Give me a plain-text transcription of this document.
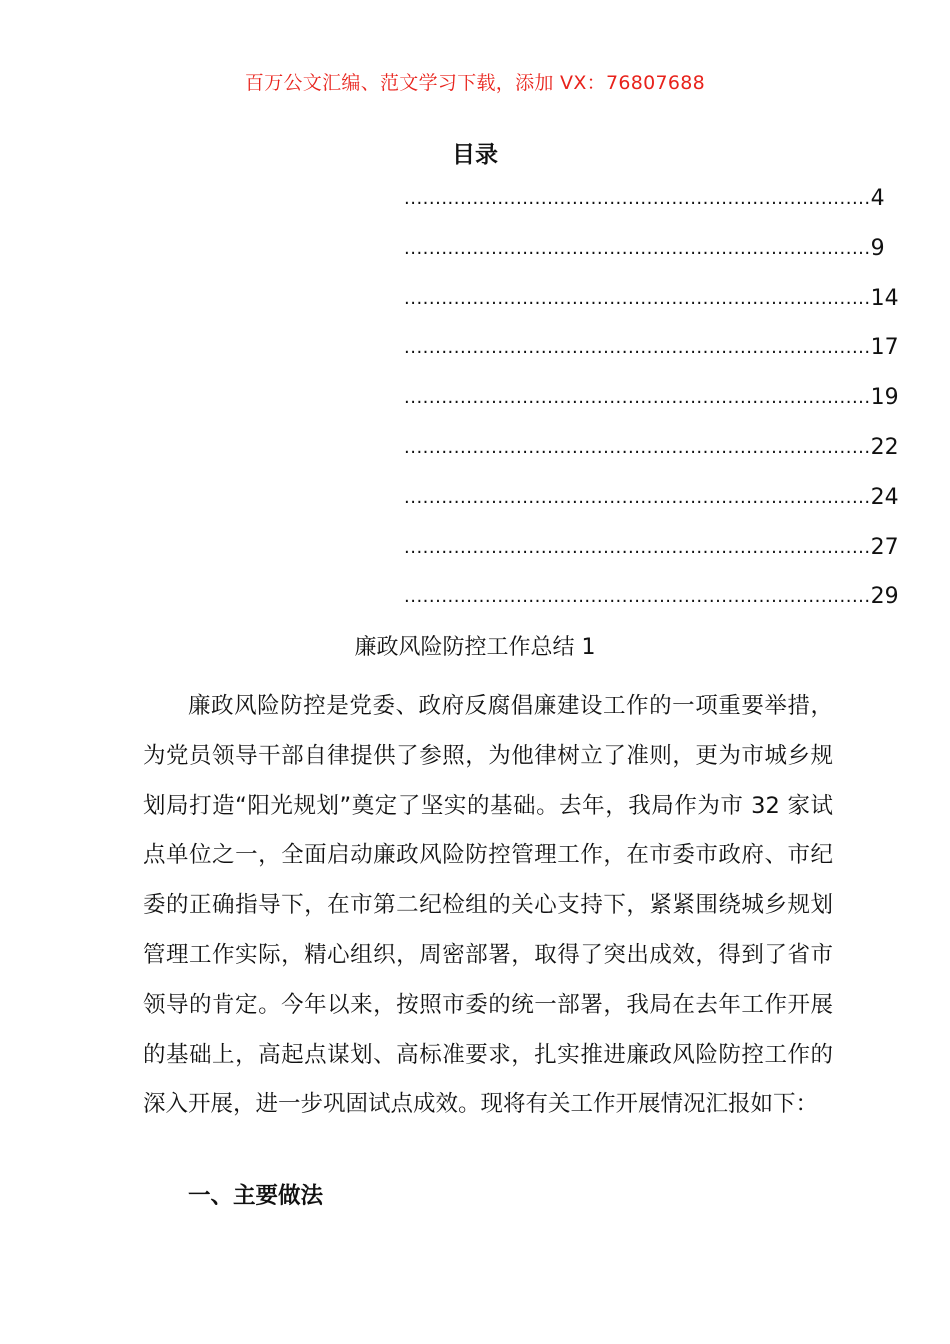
百万公文汇编、范文学习下载，添加 VX：76807688
目录
........................................................................... 4
........................................................................... 9
........................................................................... 14
........................................................................... 17
........................................................................... 19
........................................................................... 22
........................................................................... 24
........................................................................... 27
........................................................................... 29
廉政风险防控工作总结 1

廉政风险防控是党委、政府反腐倡廉建设工作的一项重要举措，为党员领导干部自律提供了参照，为他律树立了准则，更为市城乡规划局打造“阳光规划”奠定了坚实的基础。去年，我局作为市 32 家试点单位之一，全面启动廉政风险防控管理工作，在市委市政府、市纪委的正确指导下，在市第二纪检组的关心支持下，紧紧围绕城乡规划管理工作实际，精心组织，周密部署，取得了突出成效，得到了省市领导的肯定。今年以来，按照市委的统一部署，我局在去年工作开展的基础上，高起点谋划、高标准要求，扎实推进廉政风险防控工作的深入开展，进一步巩固试点成效。现将有关工作开展情况汇报如下：

一、主要做法
